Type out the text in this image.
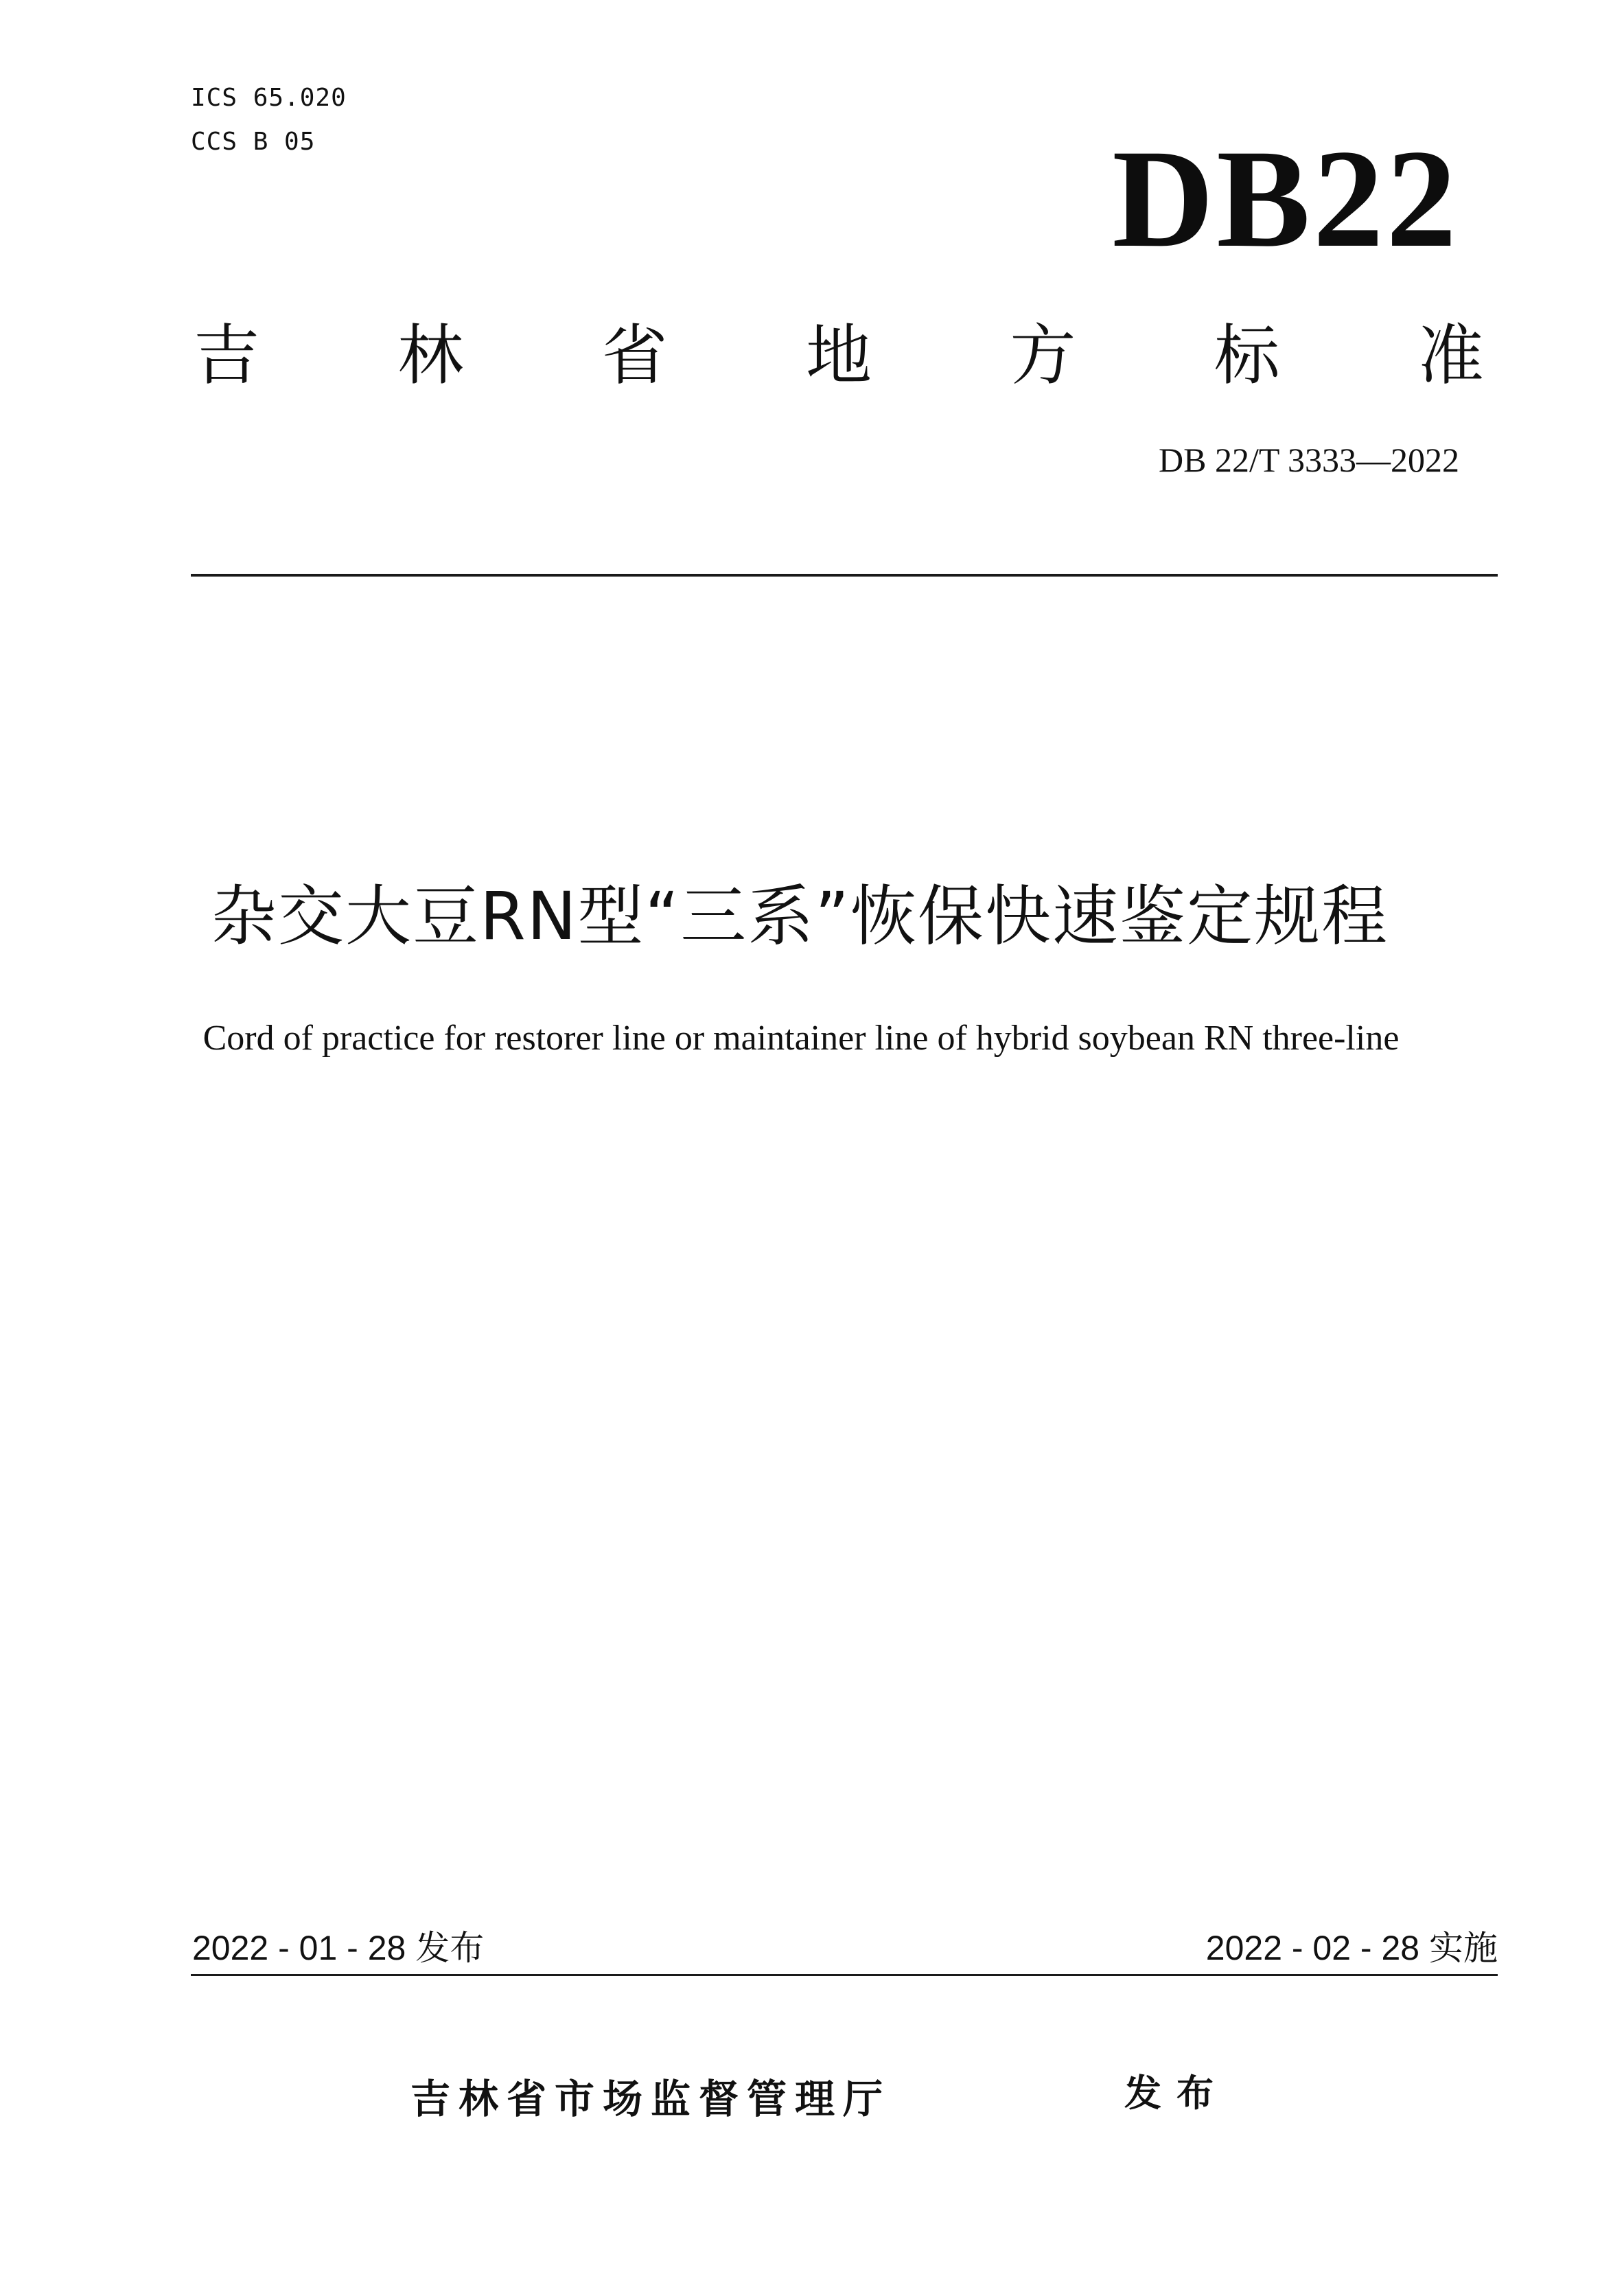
ICS 65.020
CCS B 05	DB22
吉 林 省 地 方 标 准
DB 22/T 3333—2022
杂交大豆RN型“三系”恢保快速鉴定规程
Cord of practice for restorer line or maintainer line of hybrid soybean RN three-line
2022 - 01 - 28 发布	2022 - 02 - 28 实施
吉林省市场监督管理厅	发布
